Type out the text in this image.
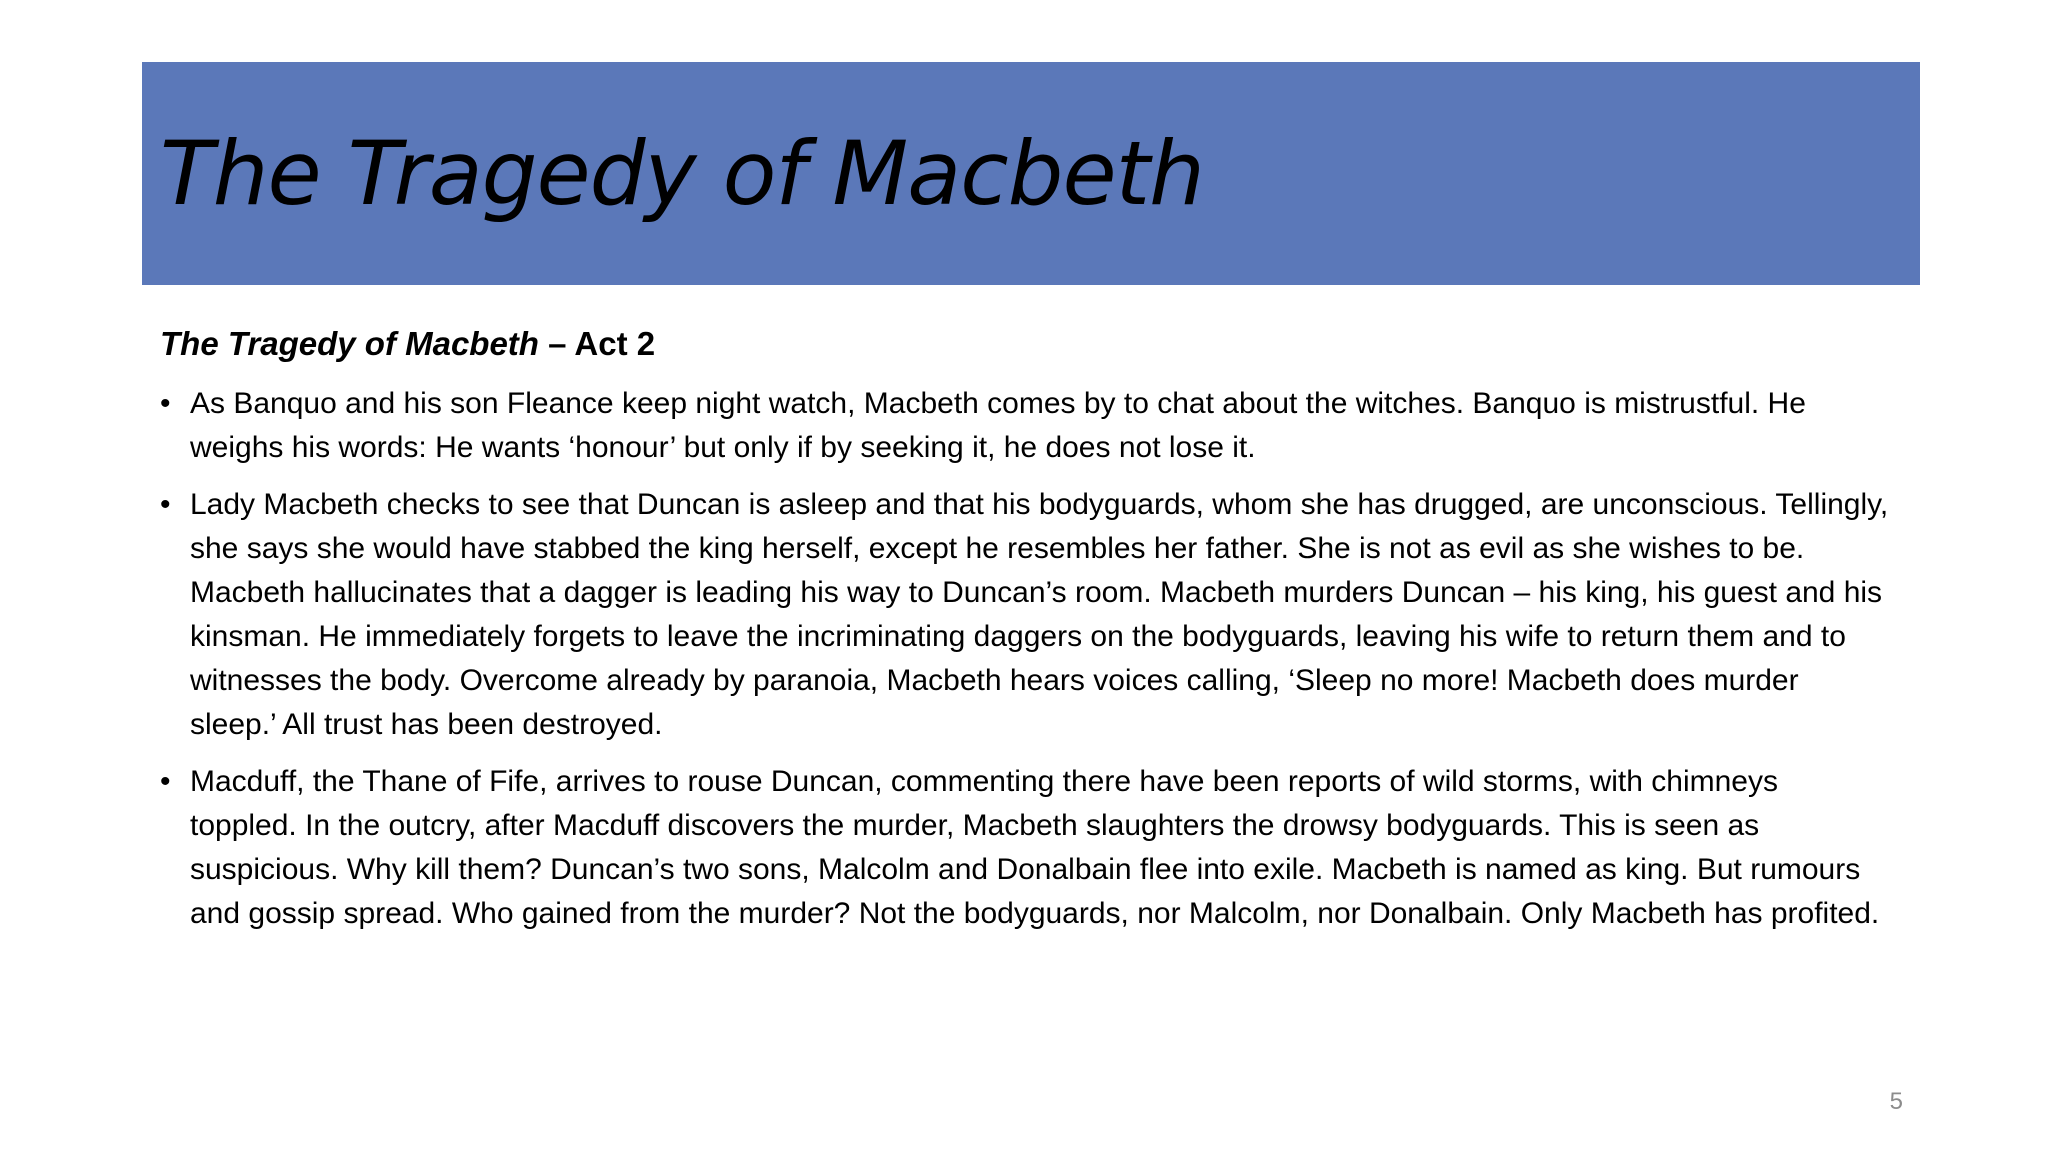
The Tragedy of Macbeth

The Tragedy of Macbeth – Act 2

• As Banquo and his son Fleance keep night watch, Macbeth comes by to chat about the witches. Banquo is mistrustful. He weighs his words: He wants ‘honour’ but only if by seeking it, he does not lose it.
• Lady Macbeth checks to see that Duncan is asleep and that his bodyguards, whom she has drugged, are unconscious. Tellingly, she says she would have stabbed the king herself, except he resembles her father. She is not as evil as she wishes to be. Macbeth hallucinates that a dagger is leading his way to Duncan’s room. Macbeth murders Duncan – his king, his guest and his kinsman. He immediately forgets to leave the incriminating daggers on the bodyguards, leaving his wife to return them and to witnesses the body. Overcome already by paranoia, Macbeth hears voices calling, ‘Sleep no more! Macbeth does murder sleep.’ All trust has been destroyed.
• Macduff, the Thane of Fife, arrives to rouse Duncan, commenting there have been reports of wild storms, with chimneys toppled. In the outcry, after Macduff discovers the murder, Macbeth slaughters the drowsy bodyguards. This is seen as suspicious. Why kill them? Duncan’s two sons, Malcolm and Donalbain flee into exile. Macbeth is named as king. But rumours and gossip spread. Who gained from the murder? Not the bodyguards, nor Malcolm, nor Donalbain. Only Macbeth has profited.
5
